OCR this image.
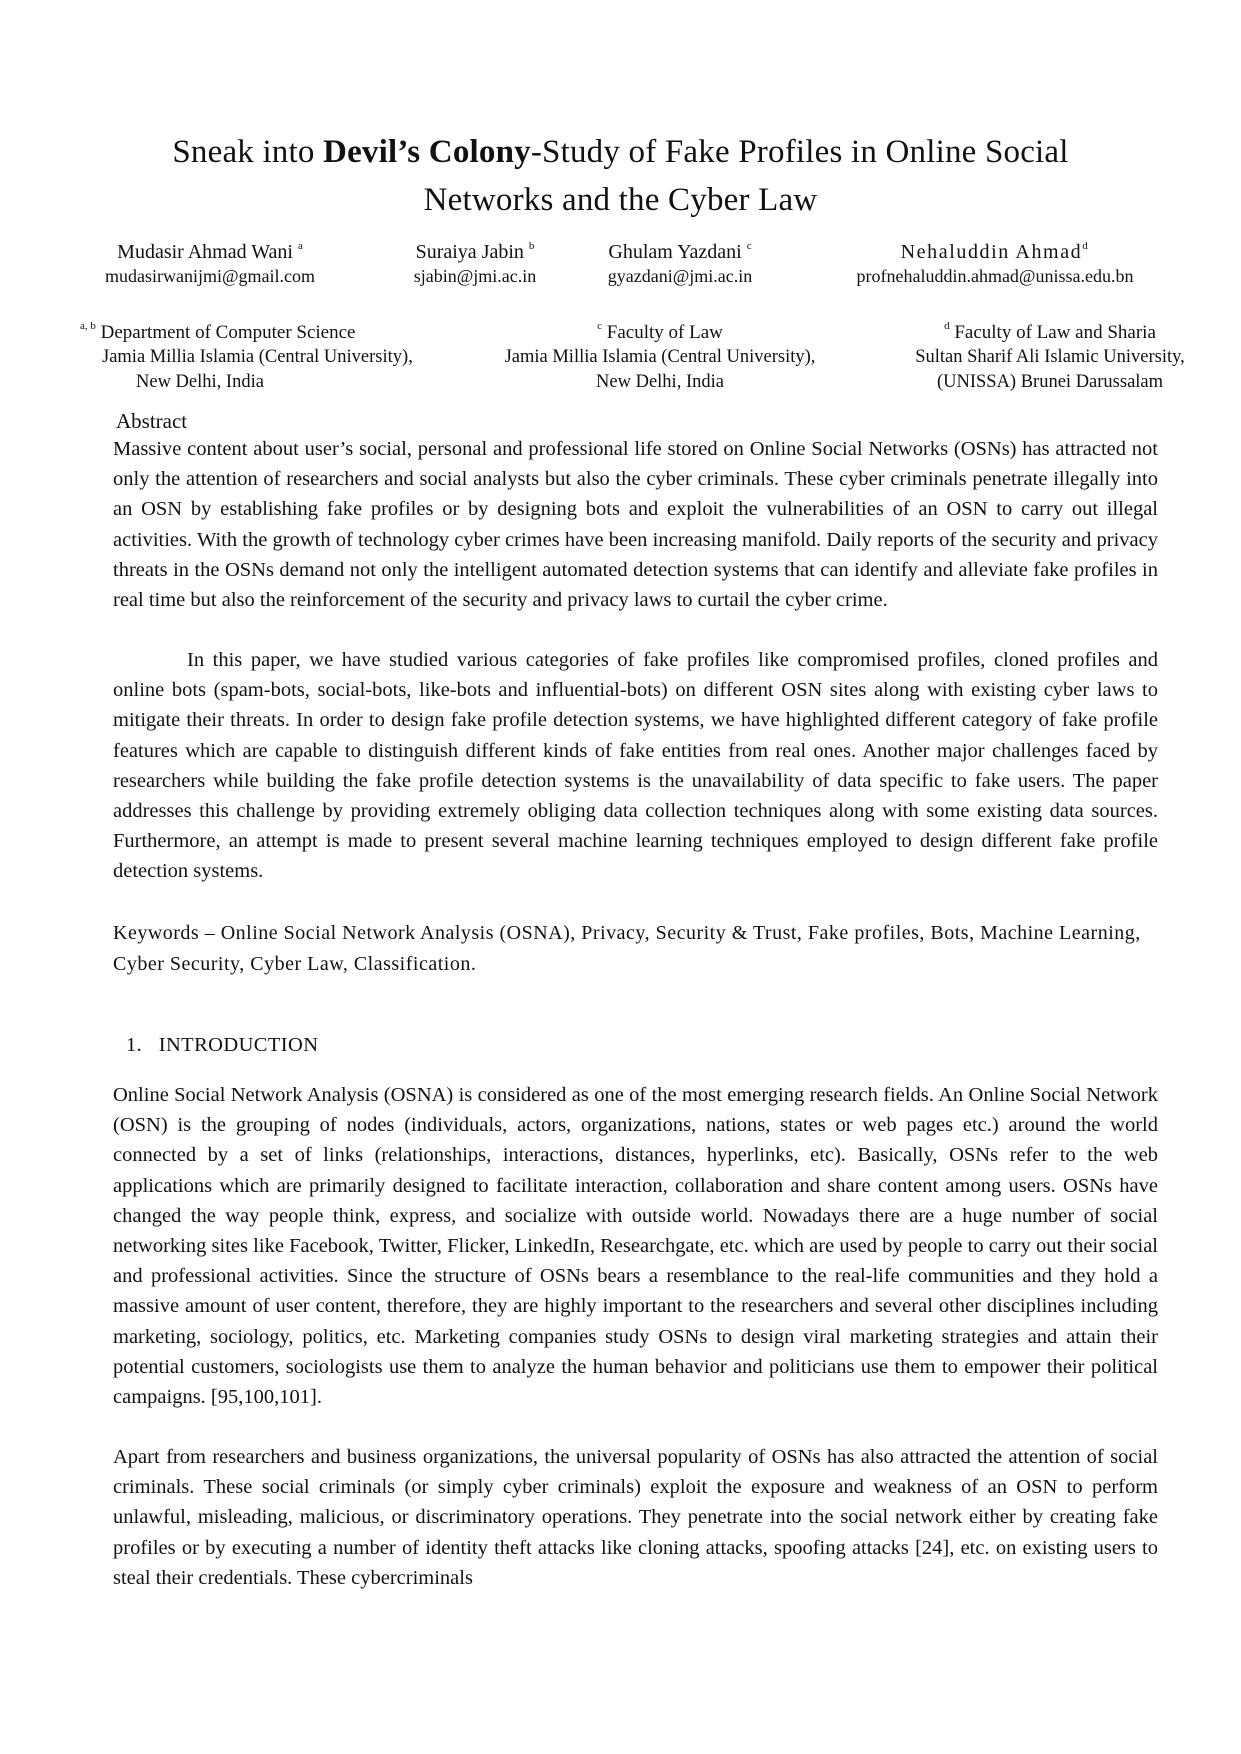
Sneak into Devil’s Colony-Study of Fake Profiles in Online Social
Networks and the Cyber Law
Mudasir Ahmad Wani $^a$
mudasirwanijmi@gmail.com
Suraiya Jabin $^b$
sjabin@jmi.ac.in
Ghulam Yazdani $^c$
gyazdani@jmi.ac.in
Nehaluddin Ahmad$^d$
profnehaluddin.ahmad@unissa.edu.bn
$^{a, b}$ Department of Computer Science
Jamia Millia Islamia (Central University),
New Delhi, India
$^c$ Faculty of Law
Jamia Millia Islamia (Central University),
New Delhi, India
$^d$ Faculty of Law and Sharia
Sultan Sharif Ali Islamic University,
(UNISSA) Brunei Darussalam
Abstract
Massive content about user’s social, personal and professional life stored on Online Social Networks (OSNs) has attracted not only the attention of researchers and social analysts but also the cyber criminals. These cyber criminals penetrate illegally into an OSN by establishing fake profiles or by designing bots and exploit the vulnerabilities of an OSN to carry out illegal activities. With the growth of technology cyber crimes have been increasing manifold. Daily reports of the security and privacy threats in the OSNs demand not only the intelligent automated detection systems that can identify and alleviate fake profiles in real time but also the reinforcement of the security and privacy laws to curtail the cyber crime.
In this paper, we have studied various categories of fake profiles like compromised profiles, cloned profiles and online bots (spam-bots, social-bots, like-bots and influential-bots) on different OSN sites along with existing cyber laws to mitigate their threats. In order to design fake profile detection systems, we have highlighted different category of fake profile features which are capable to distinguish different kinds of fake entities from real ones. Another major challenges faced by researchers while building the fake profile detection systems is the unavailability of data specific to fake users. The paper addresses this challenge by providing extremely obliging data collection techniques along with some existing data sources. Furthermore, an attempt is made to present several machine learning techniques employed to design different fake profile detection systems.
Keywords – Online Social Network Analysis (OSNA), Privacy, Security & Trust, Fake profiles, Bots, Machine Learning, Cyber Security, Cyber Law, Classification.
1.   INTRODUCTION
Online Social Network Analysis (OSNA) is considered as one of the most emerging research fields. An Online Social Network (OSN) is the grouping of nodes (individuals, actors, organizations, nations, states or web pages etc.) around the world connected by a set of links (relationships, interactions, distances, hyperlinks, etc). Basically, OSNs refer to the web applications which are primarily designed to facilitate interaction, collaboration and share content among users. OSNs have changed the way people think, express, and socialize with outside world. Nowadays there are a huge number of social networking sites like Facebook, Twitter, Flicker, LinkedIn, Researchgate, etc. which are used by people to carry out their social and professional activities. Since the structure of OSNs bears a resemblance to the real-life communities and they hold a massive amount of user content, therefore, they are highly important to the researchers and several other disciplines including marketing, sociology, politics, etc. Marketing companies study OSNs to design viral marketing strategies and attain their potential customers, sociologists use them to analyze the human behavior and politicians use them to empower their political campaigns. [95,100,101].
Apart from researchers and business organizations, the universal popularity of OSNs has also attracted the attention of social criminals. These social criminals (or simply cyber criminals) exploit the exposure and weakness of an OSN to perform unlawful, misleading, malicious, or discriminatory operations. They penetrate into the social network either by creating fake profiles or by executing a number of identity theft attacks like cloning attacks, spoofing attacks [24], etc. on existing users to steal their credentials. These cybercriminals
